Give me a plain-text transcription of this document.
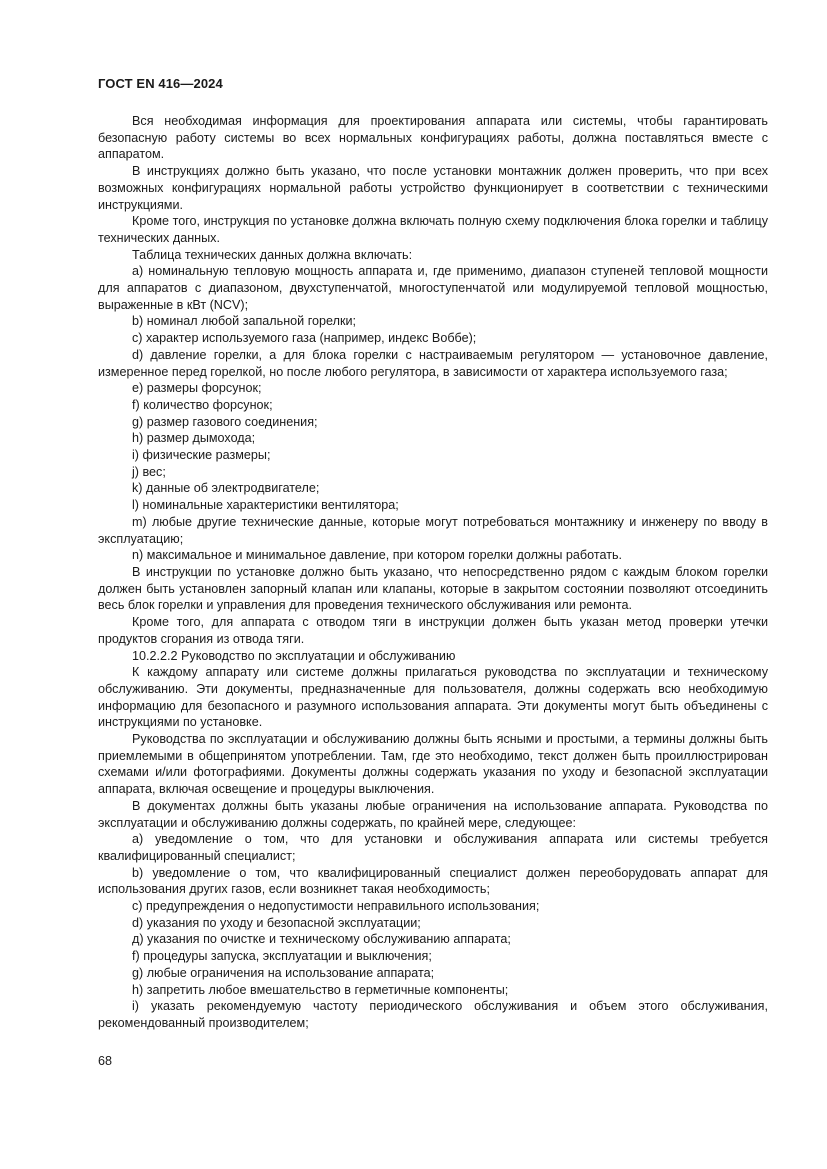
ГОСТ EN 416—2024

Вся необходимая информация для проектирования аппарата или системы, чтобы гарантировать безопасную работу системы во всех нормальных конфигурациях работы, должна поставляться вместе с аппаратом.

В инструкциях должно быть указано, что после установки монтажник должен проверить, что при всех возможных конфигурациях нормальной работы устройство функционирует в соответствии с техническими инструкциями.

Кроме того, инструкция по установке должна включать полную схему подключения блока горелки и таблицу технических данных.

Таблица технических данных должна включать:

a) номинальную тепловую мощность аппарата и, где применимо, диапазон ступеней тепловой мощности для аппаратов с диапазоном, двухступенчатой, многоступенчатой или модулируемой тепловой мощностью, выраженные в кВт (NCV);

b) номинал любой запальной горелки;

c) характер используемого газа (например, индекс Воббе);

d) давление горелки, а для блока горелки с настраиваемым регулятором — установочное давление, измеренное перед горелкой, но после любого регулятора, в зависимости от характера используемого газа;

e) размеры форсунок;

f) количество форсунок;

g) размер газового соединения;

h) размер дымохода;

i) физические размеры;

j) вес;

k) данные об электродвигателе;

l) номинальные характеристики вентилятора;

m) любые другие технические данные, которые могут потребоваться монтажнику и инженеру по вводу в эксплуатацию;

n) максимальное и минимальное давление, при котором горелки должны работать.

В инструкции по установке должно быть указано, что непосредственно рядом с каждым блоком горелки должен быть установлен запорный клапан или клапаны, которые в закрытом состоянии позволяют отсоединить весь блок горелки и управления для проведения технического обслуживания или ремонта.

Кроме того, для аппарата с отводом тяги в инструкции должен быть указан метод проверки утечки продуктов сгорания из отвода тяги.

10.2.2.2 Руководство по эксплуатации и обслуживанию

К каждому аппарату или системе должны прилагаться руководства по эксплуатации и техническому обслуживанию. Эти документы, предназначенные для пользователя, должны содержать всю необходимую информацию для безопасного и разумного использования аппарата. Эти документы могут быть объединены с инструкциями по установке.

Руководства по эксплуатации и обслуживанию должны быть ясными и простыми, а термины должны быть приемлемыми в общепринятом употреблении. Там, где это необходимо, текст должен быть проиллюстрирован схемами и/или фотографиями. Документы должны содержать указания по уходу и безопасной эксплуатации аппарата, включая освещение и процедуры выключения.

В документах должны быть указаны любые ограничения на использование аппарата. Руководства по эксплуатации и обслуживанию должны содержать, по крайней мере, следующее:

a) уведомление о том, что для установки и обслуживания аппарата или системы требуется квалифицированный специалист;

b) уведомление о том, что квалифицированный специалист должен переоборудовать аппарат для использования других газов, если возникнет такая необходимость;

c) предупреждения о недопустимости неправильного использования;

d) указания по уходу и безопасной эксплуатации;

д) указания по очистке и техническому обслуживанию аппарата;

f) процедуры запуска, эксплуатации и выключения;

g) любые ограничения на использование аппарата;

h) запретить любое вмешательство в герметичные компоненты;

i) указать рекомендуемую частоту периодического обслуживания и объем этого обслуживания, рекомендованный производителем;

68
